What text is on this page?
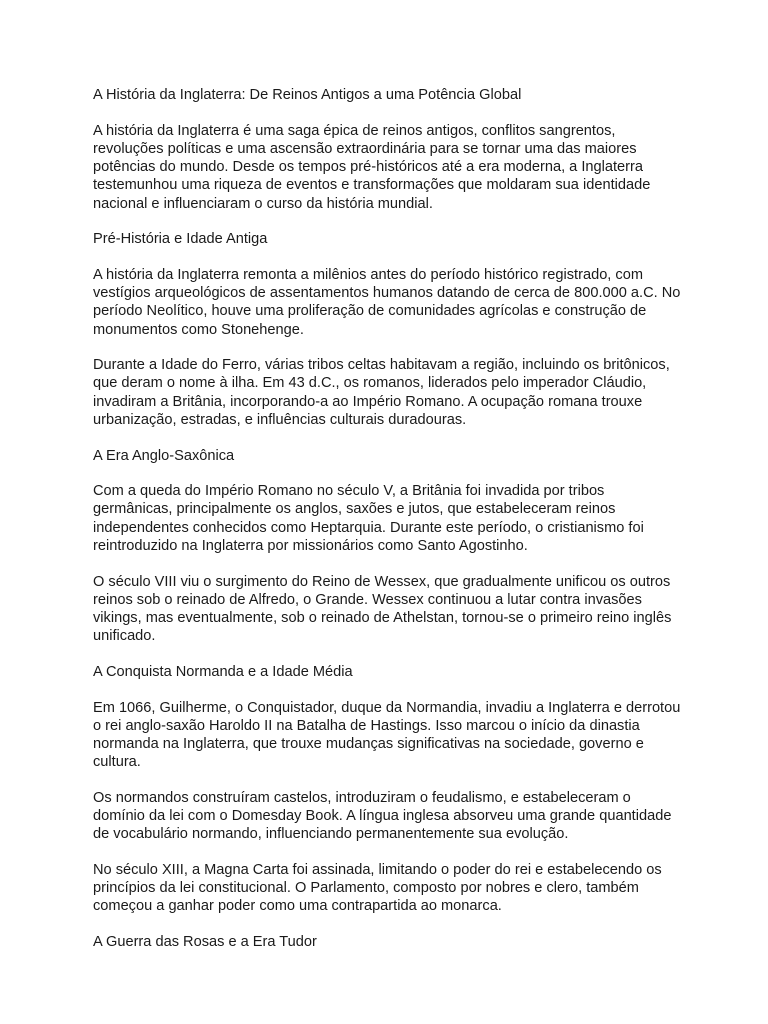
A História da Inglaterra: De Reinos Antigos a uma Potência Global

A história da Inglaterra é uma saga épica de reinos antigos, conflitos sangrentos, revoluções políticas e uma ascensão extraordinária para se tornar uma das maiores potências do mundo. Desde os tempos pré-históricos até a era moderna, a Inglaterra testemunhou uma riqueza de eventos e transformações que moldaram sua identidade nacional e influenciaram o curso da história mundial.

Pré-História e Idade Antiga

A história da Inglaterra remonta a milênios antes do período histórico registrado, com vestígios arqueológicos de assentamentos humanos datando de cerca de 800.000 a.C. No período Neolítico, houve uma proliferação de comunidades agrícolas e construção de monumentos como Stonehenge.

Durante a Idade do Ferro, várias tribos celtas habitavam a região, incluindo os britônicos, que deram o nome à ilha. Em 43 d.C., os romanos, liderados pelo imperador Cláudio, invadiram a Britânia, incorporando-a ao Império Romano. A ocupação romana trouxe urbanização, estradas, e influências culturais duradouras.

A Era Anglo-Saxônica

Com a queda do Império Romano no século V, a Britânia foi invadida por tribos germânicas, principalmente os anglos, saxões e jutos, que estabeleceram reinos independentes conhecidos como Heptarquia. Durante este período, o cristianismo foi reintroduzido na Inglaterra por missionários como Santo Agostinho.

O século VIII viu o surgimento do Reino de Wessex, que gradualmente unificou os outros reinos sob o reinado de Alfredo, o Grande. Wessex continuou a lutar contra invasões vikings, mas eventualmente, sob o reinado de Athelstan, tornou-se o primeiro reino inglês unificado.

A Conquista Normanda e a Idade Média

Em 1066, Guilherme, o Conquistador, duque da Normandia, invadiu a Inglaterra e derrotou o rei anglo-saxão Haroldo II na Batalha de Hastings. Isso marcou o início da dinastia normanda na Inglaterra, que trouxe mudanças significativas na sociedade, governo e cultura.

Os normandos construíram castelos, introduziram o feudalismo, e estabeleceram o domínio da lei com o Domesday Book. A língua inglesa absorveu uma grande quantidade de vocabulário normando, influenciando permanentemente sua evolução.

No século XIII, a Magna Carta foi assinada, limitando o poder do rei e estabelecendo os princípios da lei constitucional. O Parlamento, composto por nobres e clero, também começou a ganhar poder como uma contrapartida ao monarca.

A Guerra das Rosas e a Era Tudor
